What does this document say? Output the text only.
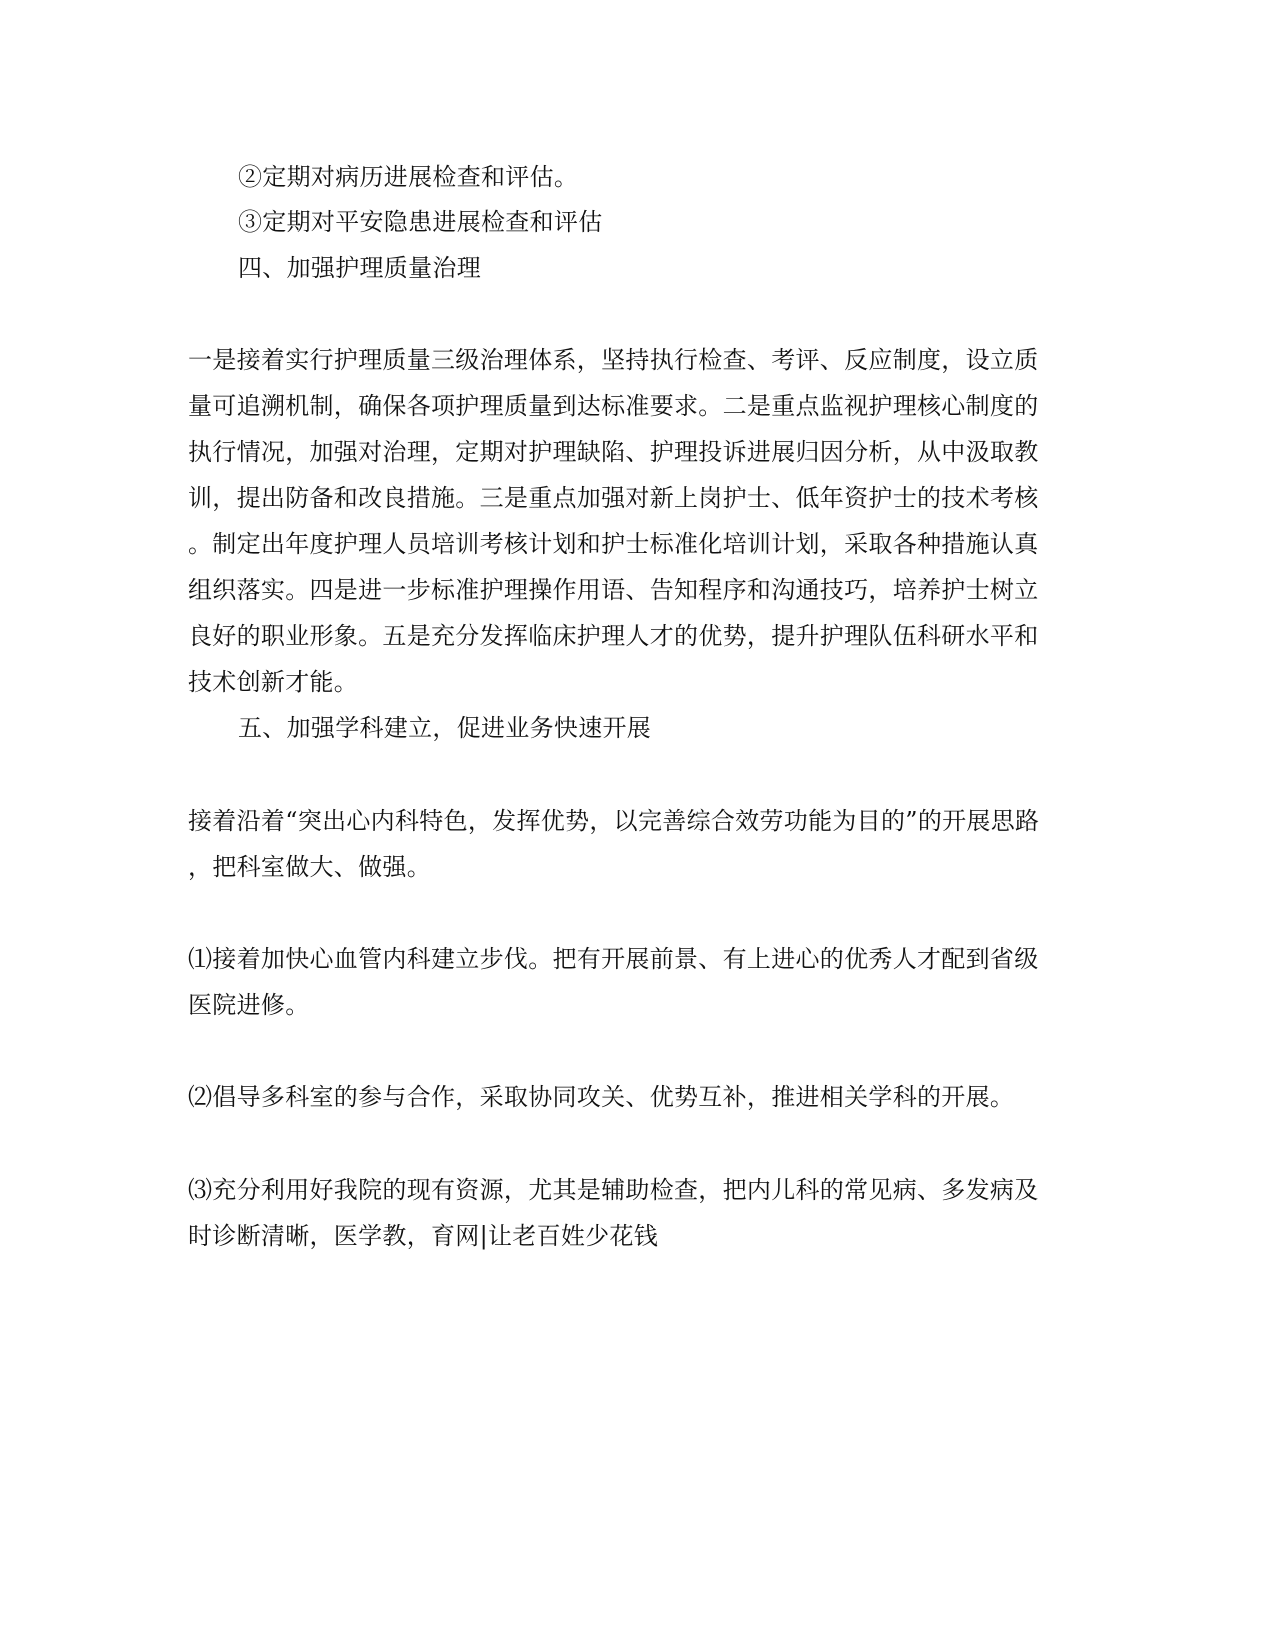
②定期对病历进展检查和评估。
③定期对平安隐患进展检查和评估
四、加强护理质量治理
一是接着实行护理质量三级治理体系，坚持执行检查、考评、反应制度，设立质
量可追溯机制，确保各项护理质量到达标准要求。二是重点监视护理核心制度的
执行情况，加强对治理，定期对护理缺陷、护理投诉进展归因分析，从中汲取教
训，提出防备和改良措施。三是重点加强对新上岗护士、低年资护士的技术考核
。制定出年度护理人员培训考核计划和护士标准化培训计划，采取各种措施认真
组织落实。四是进一步标准护理操作用语、告知程序和沟通技巧，培养护士树立
良好的职业形象。五是充分发挥临床护理人才的优势，提升护理队伍科研水平和
技术创新才能。
五、加强学科建立，促进业务快速开展
接着沿着“突出心内科特色，发挥优势，以完善综合效劳功能为目的”的开展思路
，把科室做大、做强。
⑴接着加快心血管内科建立步伐。把有开展前景、有上进心的优秀人才配到省级
医院进修。
⑵倡导多科室的参与合作，采取协同攻关、优势互补，推进相关学科的开展。
⑶充分利用好我院的现有资源，尤其是辅助检查，把内儿科的常见病、多发病及
时诊断清晰，医学教，育网|让老百姓少花钱
